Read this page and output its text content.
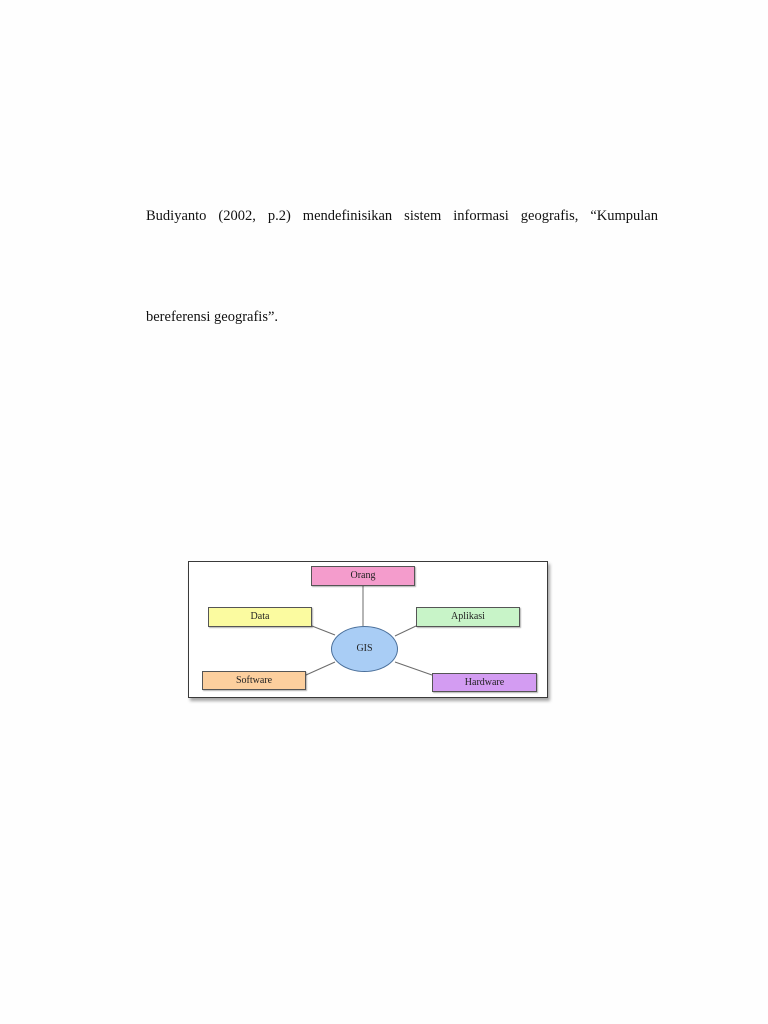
Budiyanto (2002, p.2) mendefinisikan sistem informasi geografis, “Kumpulan
bereferensi geografis”.
Orang
Data	Aplikasi
Software	Hardware
GIS
